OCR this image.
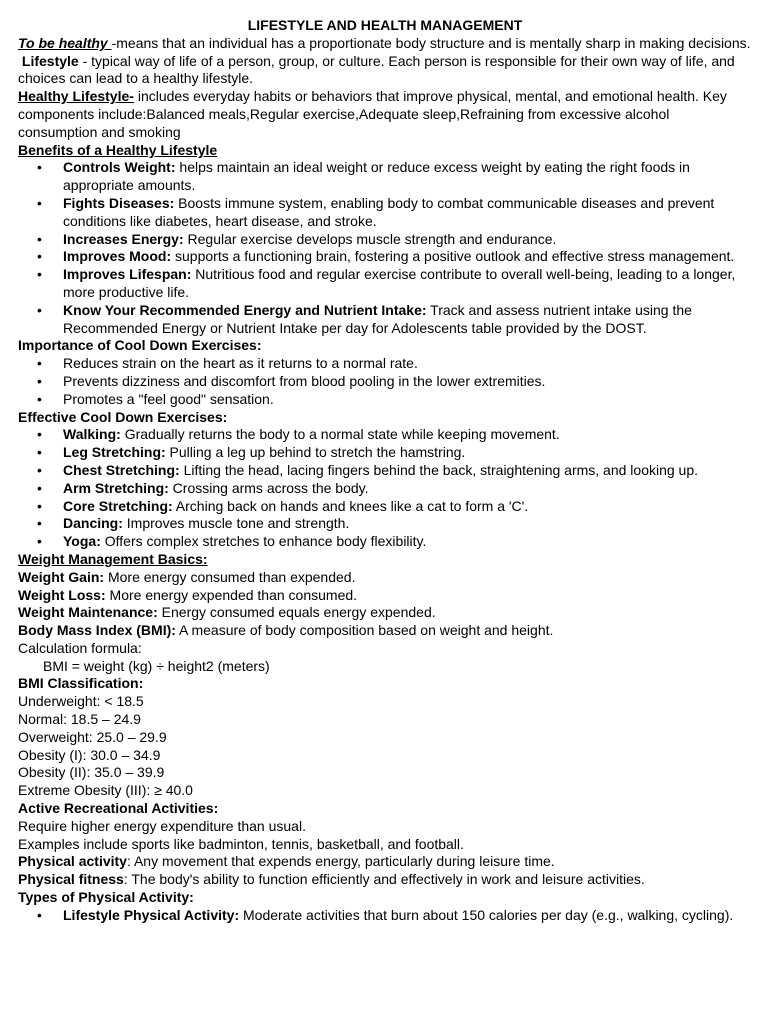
LIFESTYLE AND HEALTH MANAGEMENT

To be healthy -means that an individual has a proportionate body structure and is mentally sharp in making decisions.

Lifestyle - typical way of life of a person, group, or culture. Each person is responsible for their own way of life, and choices can lead to a healthy lifestyle.

Healthy Lifestyle- includes everyday habits or behaviors that improve physical, mental, and emotional health. Key components include:Balanced meals,Regular exercise,Adequate sleep,Refraining from excessive alcohol consumption and smoking

Benefits of a Healthy Lifestyle

• Controls Weight: helps maintain an ideal weight or reduce excess weight by eating the right foods in appropriate amounts.
• Fights Diseases: Boosts immune system, enabling body to combat communicable diseases and prevent conditions like diabetes, heart disease, and stroke.
• Increases Energy: Regular exercise develops muscle strength and endurance.
• Improves Mood: supports a functioning brain, fostering a positive outlook and effective stress management.
• Improves Lifespan: Nutritious food and regular exercise contribute to overall well-being, leading to a longer, more productive life.
• Know Your Recommended Energy and Nutrient Intake: Track and assess nutrient intake using the Recommended Energy or Nutrient Intake per day for Adolescents table provided by the DOST.

Importance of Cool Down Exercises:

• Reduces strain on the heart as it returns to a normal rate.
• Prevents dizziness and discomfort from blood pooling in the lower extremities.
• Promotes a "feel good" sensation.

Effective Cool Down Exercises:

• Walking: Gradually returns the body to a normal state while keeping movement.
• Leg Stretching: Pulling a leg up behind to stretch the hamstring.
• Chest Stretching: Lifting the head, lacing fingers behind the back, straightening arms, and looking up.
• Arm Stretching: Crossing arms across the body.
• Core Stretching: Arching back on hands and knees like a cat to form a 'C'.
• Dancing: Improves muscle tone and strength.
• Yoga: Offers complex stretches to enhance body flexibility.

Weight Management Basics:

Weight Gain: More energy consumed than expended.

Weight Loss: More energy expended than consumed.

Weight Maintenance: Energy consumed equals energy expended.

Body Mass Index (BMI): A measure of body composition based on weight and height.

Calculation formula:

BMI = weight (kg) ÷ height2 (meters)

BMI Classification:

Underweight: < 18.5

Normal: 18.5 – 24.9

Overweight: 25.0 – 29.9

Obesity (I): 30.0 – 34.9

Obesity (II): 35.0 – 39.9

Extreme Obesity (III): ≥ 40.0

Active Recreational Activities:

Require higher energy expenditure than usual.

Examples include sports like badminton, tennis, basketball, and football.

Physical activity: Any movement that expends energy, particularly during leisure time.

Physical fitness: The body's ability to function efficiently and effectively in work and leisure activities.

Types of Physical Activity:

• Lifestyle Physical Activity: Moderate activities that burn about 150 calories per day (e.g., walking, cycling).
